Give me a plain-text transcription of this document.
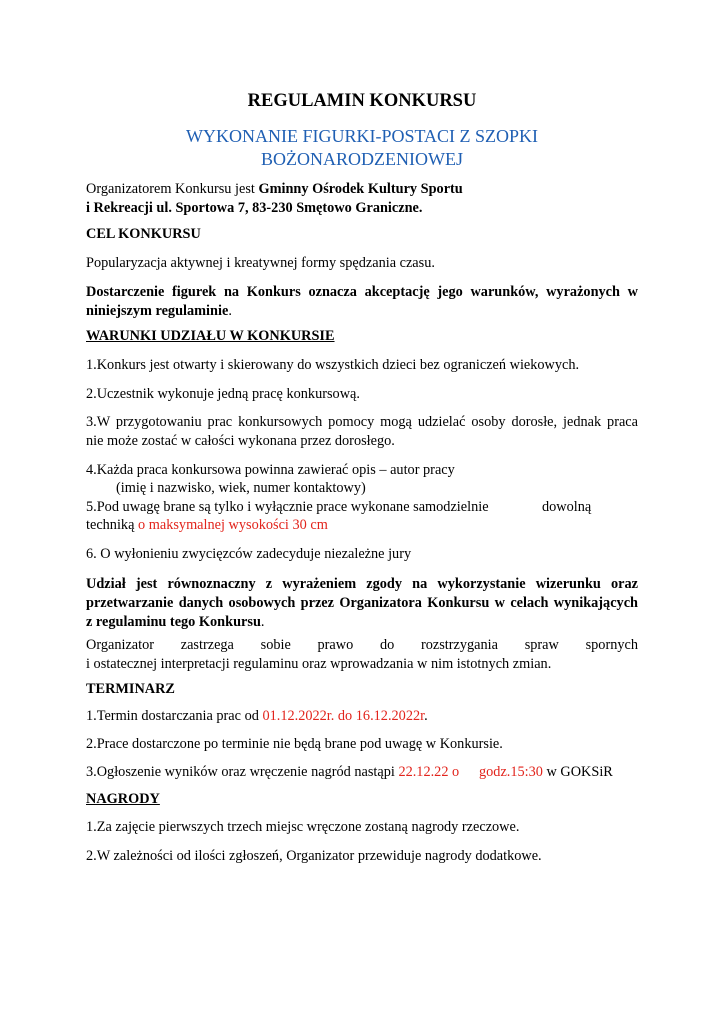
REGULAMIN KONKURSU
WYKONANIE FIGURKI-POSTACI Z SZOPKI
BOŻONARODZENIOWEJ

Organizatorem Konkursu jest Gminny Ośrodek Kultury Sportu
i Rekreacji ul. Sportowa 7, 83-230 Smętowo Graniczne.

CEL KONKURSU

Popularyzacja aktywnej i kreatywnej formy spędzania czasu.

Dostarczenie figurek na Konkurs oznacza akceptację jego warunków, wyrażonych w

niniejszym regulaminie.

WARUNKI UDZIAŁU W KONKURSIE

1.Konkurs jest otwarty i skierowany do wszystkich dzieci bez ograniczeń wiekowych.

2.Uczestnik wykonuje jedną pracę konkursową.

3.W przygotowaniu prac konkursowych pomocy mogą udzielać osoby dorosłe, jednak praca

nie może zostać w całości wykonana przez dorosłego.

4.Każda praca konkursowa powinna zawierać opis – autor pracy

(imię i nazwisko, wiek, numer kontaktowy)

5.Pod uwagę brane są tylko i wyłącznie prace wykonane samodzielnie	dowolną

techniką o maksymalnej wysokości 30 cm

6. O wyłonieniu zwycięzców zadecyduje niezależne jury

Udział jest równoznaczny z wyrażeniem zgody na wykorzystanie wizerunku oraz

przetwarzanie danych osobowych przez Organizatora Konkursu w celach wynikających

z regulaminu tego Konkursu.

Organizator zastrzega sobie prawo do rozstrzygania spraw spornych

i ostatecznej interpretacji regulaminu oraz wprowadzania w nim istotnych zmian.

TERMINARZ

1.Termin dostarczania prac od 01.12.2022r. do 16.12.2022r.

2.Prace dostarczone po terminie nie będą brane pod uwagę w Konkursie.

3.Ogłoszenie wyników oraz wręczenie nagród nastąpi 22.12.22 o godz.15:30 w GOKSiR

NAGRODY

1.Za zajęcie pierwszych trzech miejsc wręczone zostaną nagrody rzeczowe.

2.W zależności od ilości zgłoszeń, Organizator przewiduje nagrody dodatkowe.
